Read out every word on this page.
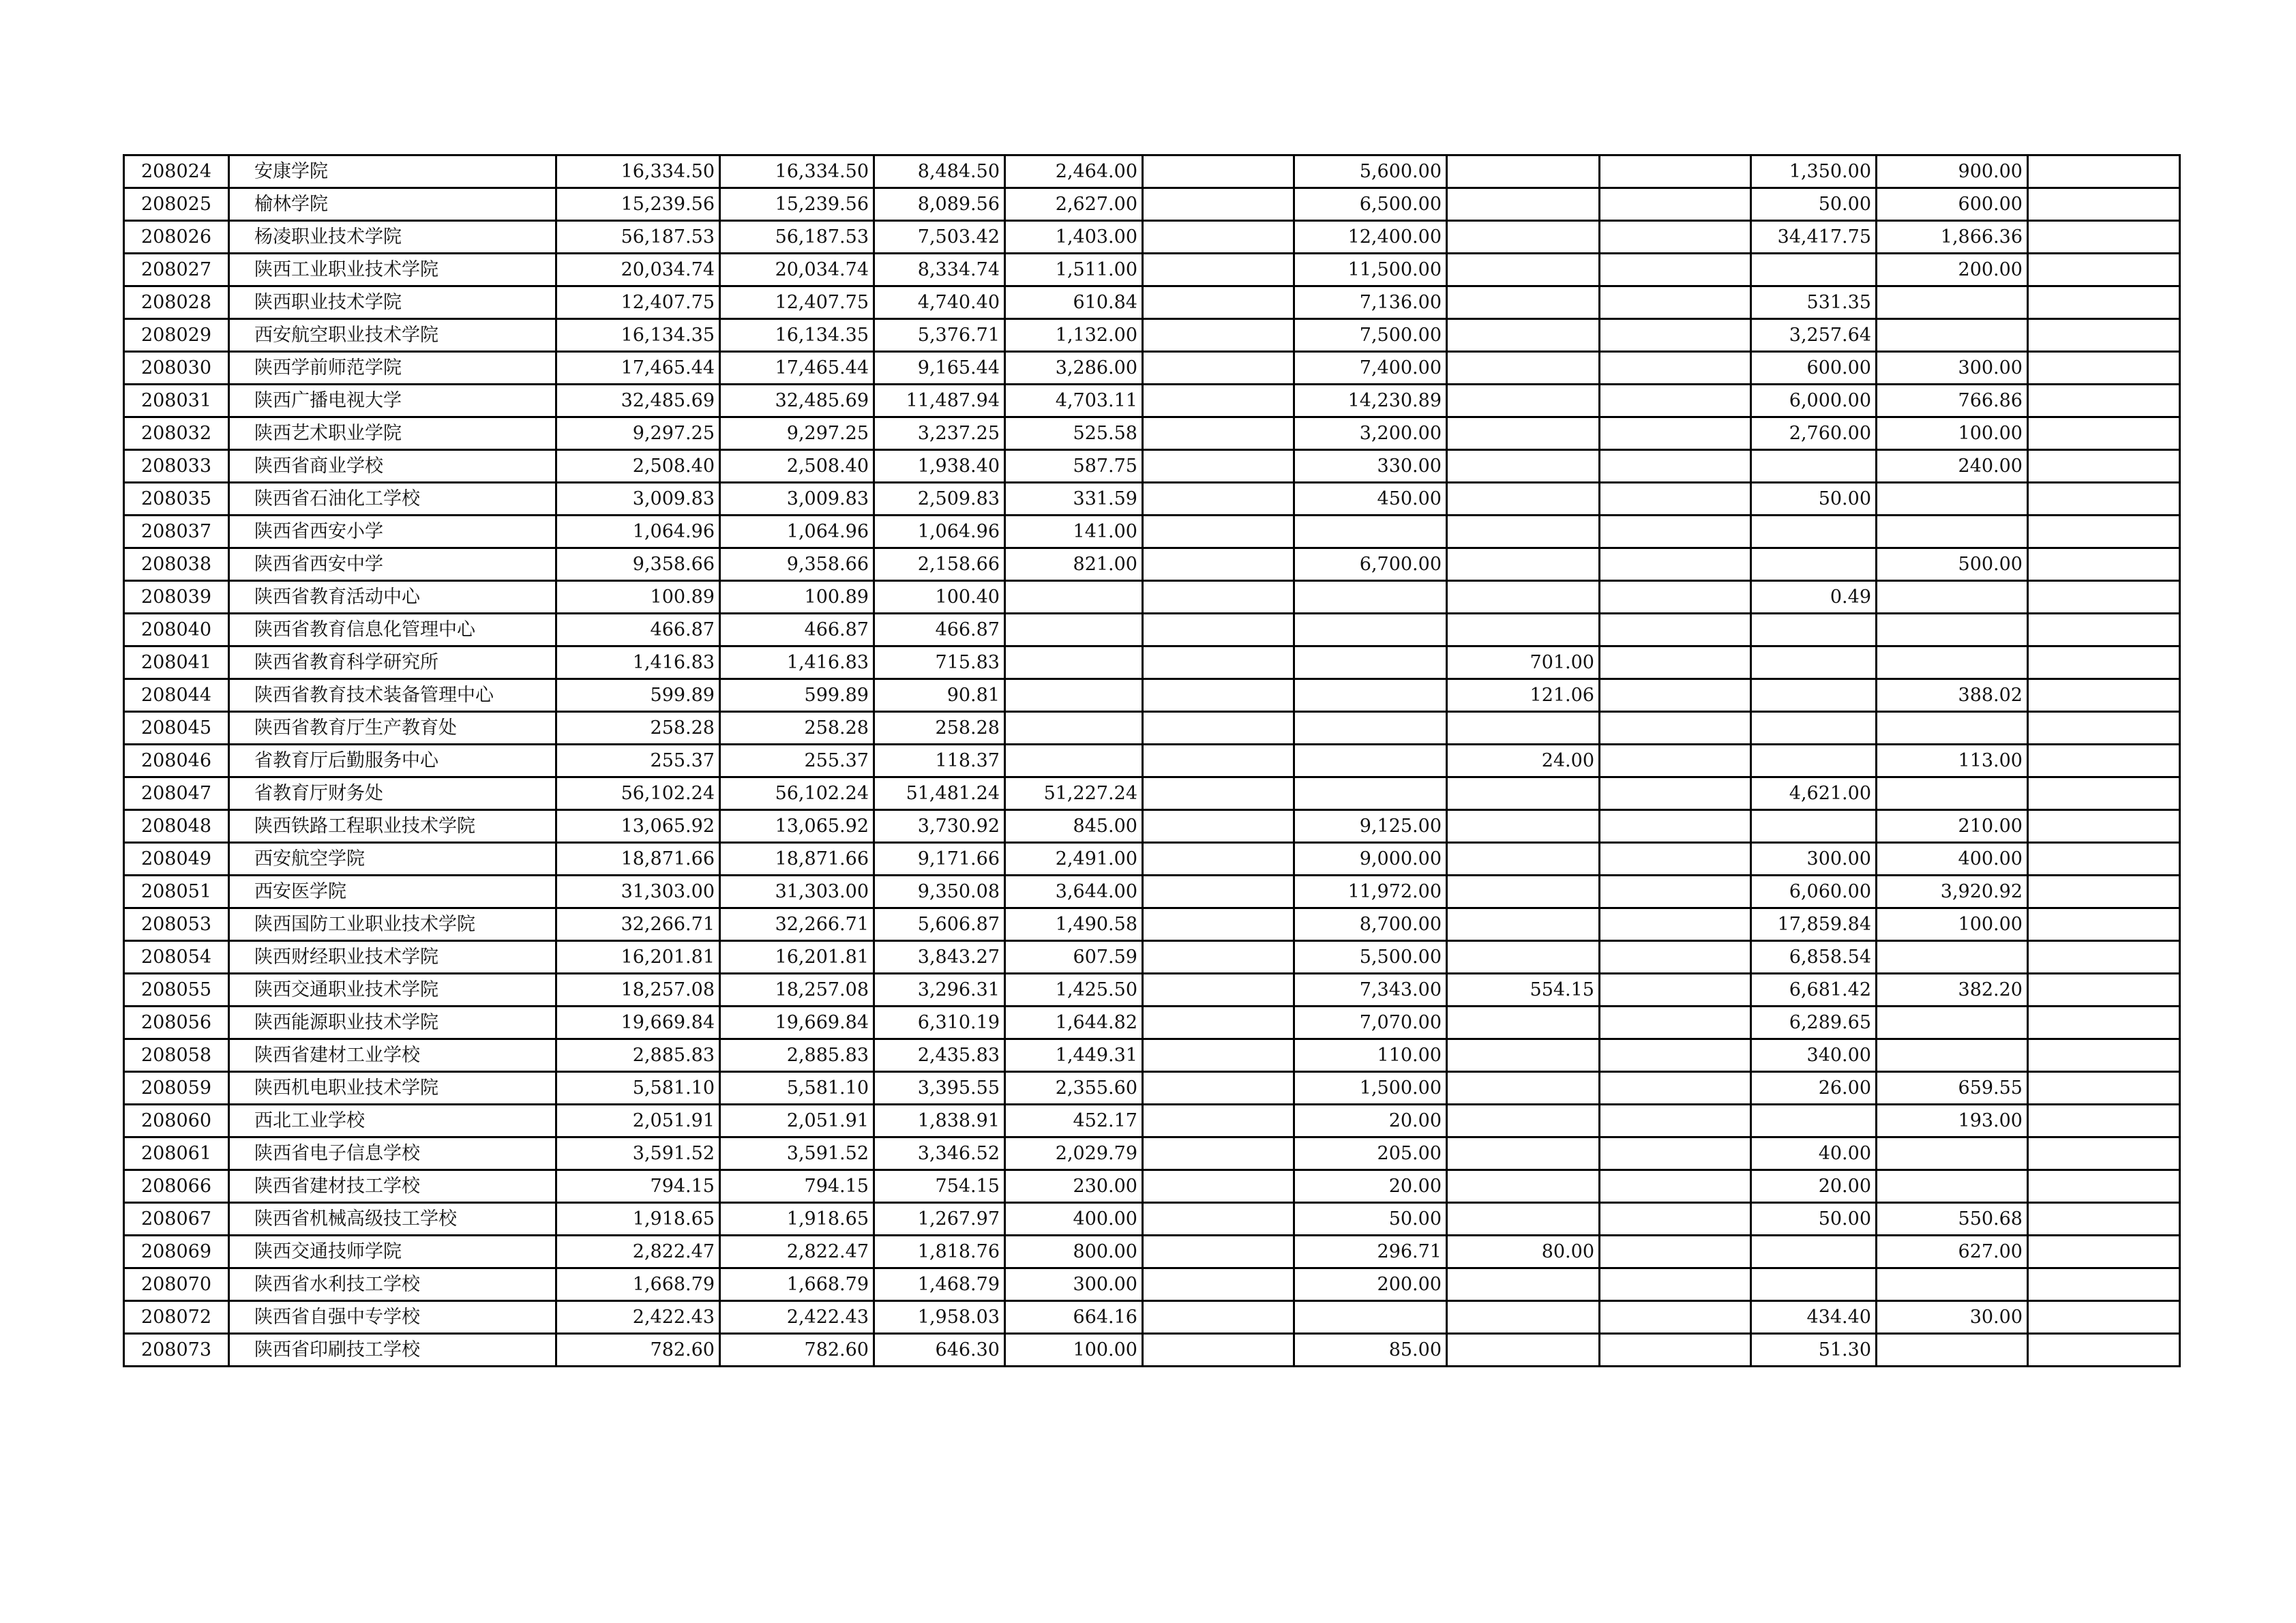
208024	安康学院	16,334.50	16,334.50	8,484.50	2,464.00		5,600.00			1,350.00	900.00	
208025	榆林学院	15,239.56	15,239.56	8,089.56	2,627.00		6,500.00			50.00	600.00	
208026	杨凌职业技术学院	56,187.53	56,187.53	7,503.42	1,403.00		12,400.00			34,417.75	1,866.36	
208027	陕西工业职业技术学院	20,034.74	20,034.74	8,334.74	1,511.00		11,500.00				200.00	
208028	陕西职业技术学院	12,407.75	12,407.75	4,740.40	610.84		7,136.00			531.35		
208029	西安航空职业技术学院	16,134.35	16,134.35	5,376.71	1,132.00		7,500.00			3,257.64		
208030	陕西学前师范学院	17,465.44	17,465.44	9,165.44	3,286.00		7,400.00			600.00	300.00	
208031	陕西广播电视大学	32,485.69	32,485.69	11,487.94	4,703.11		14,230.89			6,000.00	766.86	
208032	陕西艺术职业学院	9,297.25	9,297.25	3,237.25	525.58		3,200.00			2,760.00	100.00	
208033	陕西省商业学校	2,508.40	2,508.40	1,938.40	587.75		330.00				240.00	
208035	陕西省石油化工学校	3,009.83	3,009.83	2,509.83	331.59		450.00			50.00		
208037	陕西省西安小学	1,064.96	1,064.96	1,064.96	141.00							
208038	陕西省西安中学	9,358.66	9,358.66	2,158.66	821.00		6,700.00				500.00	
208039	陕西省教育活动中心	100.89	100.89	100.40						0.49		
208040	陕西省教育信息化管理中心	466.87	466.87	466.87								
208041	陕西省教育科学研究所	1,416.83	1,416.83	715.83				701.00				
208044	陕西省教育技术装备管理中心	599.89	599.89	90.81				121.06			388.02	
208045	陕西省教育厅生产教育处	258.28	258.28	258.28								
208046	省教育厅后勤服务中心	255.37	255.37	118.37				24.00			113.00	
208047	省教育厅财务处	56,102.24	56,102.24	51,481.24	51,227.24					4,621.00		
208048	陕西铁路工程职业技术学院	13,065.92	13,065.92	3,730.92	845.00		9,125.00				210.00	
208049	西安航空学院	18,871.66	18,871.66	9,171.66	2,491.00		9,000.00			300.00	400.00	
208051	西安医学院	31,303.00	31,303.00	9,350.08	3,644.00		11,972.00			6,060.00	3,920.92	
208053	陕西国防工业职业技术学院	32,266.71	32,266.71	5,606.87	1,490.58		8,700.00			17,859.84	100.00	
208054	陕西财经职业技术学院	16,201.81	16,201.81	3,843.27	607.59		5,500.00			6,858.54		
208055	陕西交通职业技术学院	18,257.08	18,257.08	3,296.31	1,425.50		7,343.00	554.15		6,681.42	382.20	
208056	陕西能源职业技术学院	19,669.84	19,669.84	6,310.19	1,644.82		7,070.00			6,289.65		
208058	陕西省建材工业学校	2,885.83	2,885.83	2,435.83	1,449.31		110.00			340.00		
208059	陕西机电职业技术学院	5,581.10	5,581.10	3,395.55	2,355.60		1,500.00			26.00	659.55	
208060	西北工业学校	2,051.91	2,051.91	1,838.91	452.17		20.00				193.00	
208061	陕西省电子信息学校	3,591.52	3,591.52	3,346.52	2,029.79		205.00			40.00		
208066	陕西省建材技工学校	794.15	794.15	754.15	230.00		20.00			20.00		
208067	陕西省机械高级技工学校	1,918.65	1,918.65	1,267.97	400.00		50.00			50.00	550.68	
208069	陕西交通技师学院	2,822.47	2,822.47	1,818.76	800.00		296.71	80.00			627.00	
208070	陕西省水利技工学校	1,668.79	1,668.79	1,468.79	300.00		200.00					
208072	陕西省自强中专学校	2,422.43	2,422.43	1,958.03	664.16					434.40	30.00	
208073	陕西省印刷技工学校	782.60	782.60	646.30	100.00		85.00			51.30		
